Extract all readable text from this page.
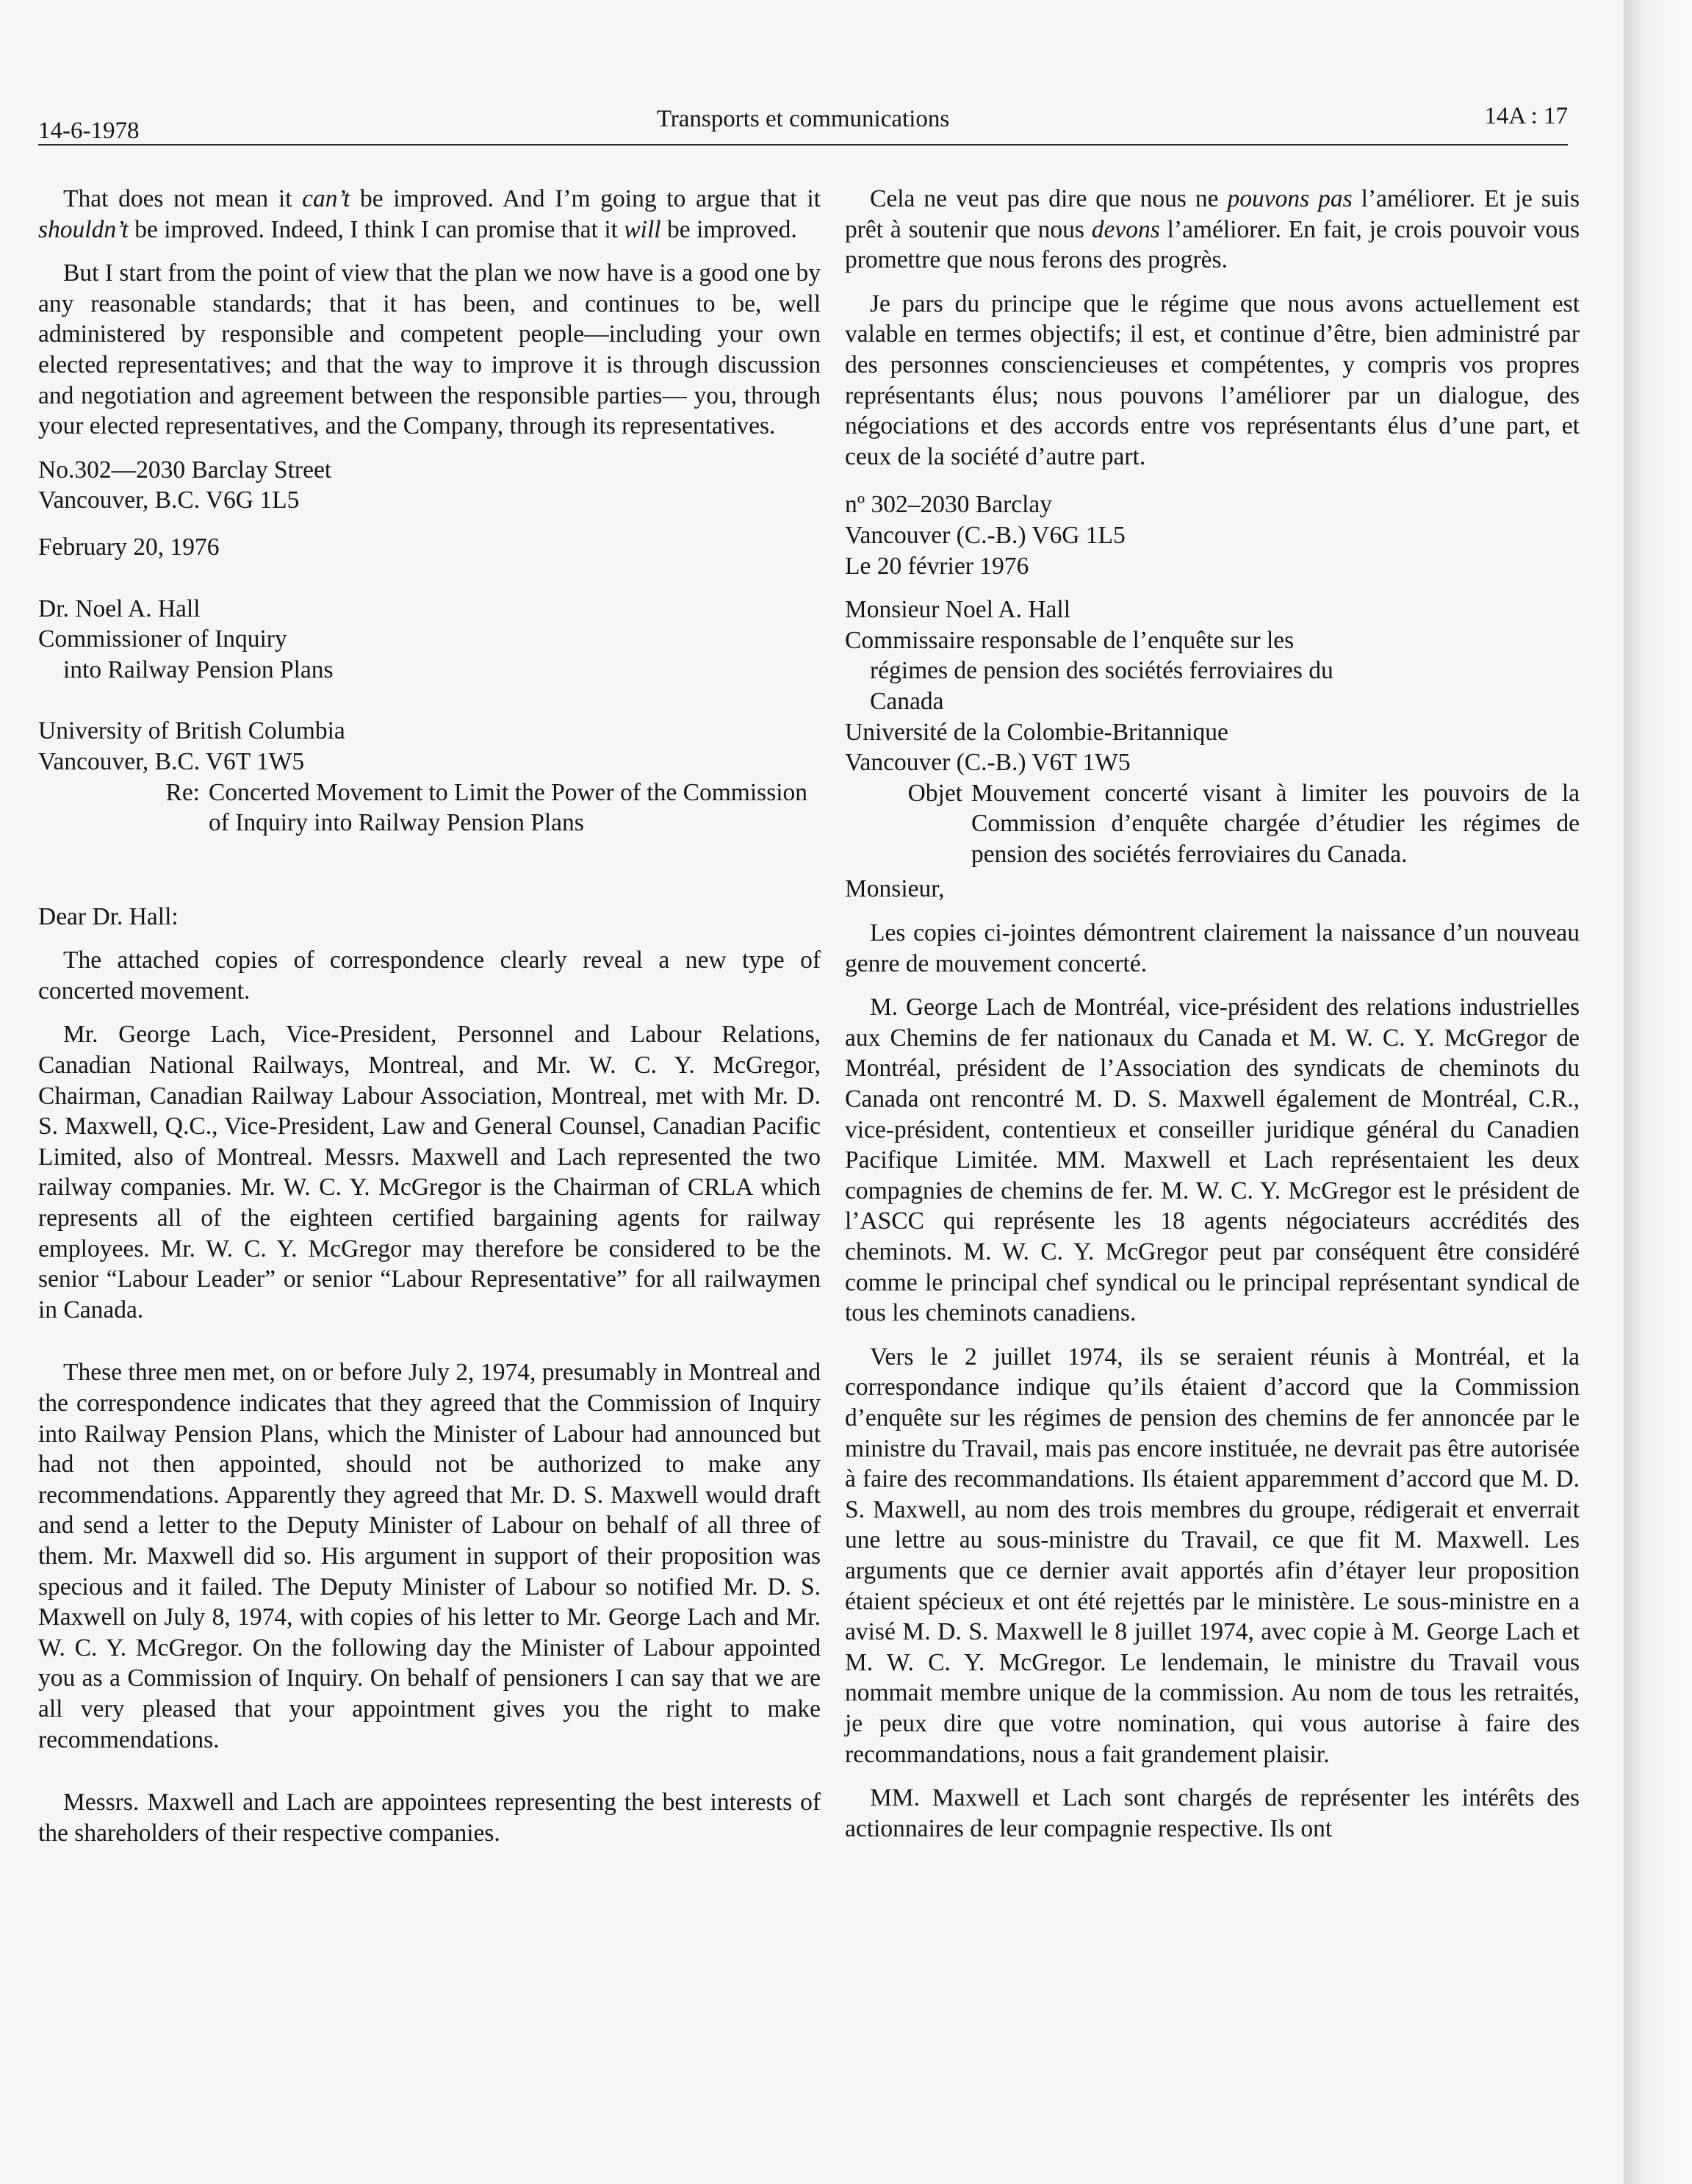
14-6-1978	Transports et communications	14A : 17

That does not mean it can’t be improved. And I’m going to argue that it shouldn’t be improved. Indeed, I think I can promise that it will be improved.

But I start from the point of view that the plan we now have is a good one by any reasonable standards; that it has been, and continues to be, well administered by responsible and competent people—including your own elected representatives; and that the way to improve it is through discussion and negotiation and agreement between the responsible parties— you, through your elected representatives, and the Company, through its representatives.

No.302—2030 Barclay Street

Vancouver, B.C. V6G 1L5

February 20, 1976

Dr. Noel A. Hall

Commissioner of Inquiry

into Railway Pension Plans

University of British Columbia

Vancouver, B.C. V6T 1W5

Re: Concerted Movement to Limit the Power of the Commission of Inquiry into Railway Pension Plans

Dear Dr. Hall:

The attached copies of correspondence clearly reveal a new type of concerted movement.

Mr. George Lach, Vice-President, Personnel and Labour Relations, Canadian National Railways, Montreal, and Mr. W. C. Y. McGregor, Chairman, Canadian Railway Labour Association, Montreal, met with Mr. D. S. Maxwell, Q.C., Vice-President, Law and General Counsel, Canadian Pacific Limited, also of Montreal. Messrs. Maxwell and Lach represented the two railway companies. Mr. W. C. Y. McGregor is the Chairman of CRLA which represents all of the eighteen certified bargaining agents for railway employees. Mr. W. C. Y. McGregor may therefore be considered to be the senior “Labour Leader” or senior “Labour Representative” for all railwaymen in Canada.

These three men met, on or before July 2, 1974, presumably in Montreal and the correspondence indicates that they agreed that the Commission of Inquiry into Railway Pension Plans, which the Minister of Labour had announced but had not then appointed, should not be authorized to make any recommendations. Apparently they agreed that Mr. D. S. Maxwell would draft and send a letter to the Deputy Minister of Labour on behalf of all three of them. Mr. Maxwell did so. His argument in support of their proposition was specious and it failed. The Deputy Minister of Labour so notified Mr. D. S. Maxwell on July 8, 1974, with copies of his letter to Mr. George Lach and Mr. W. C. Y. McGregor. On the following day the Minister of Labour appointed you as a Commission of Inquiry. On behalf of pensioners I can say that we are all very pleased that your appointment gives you the right to make recommendations.

Messrs. Maxwell and Lach are appointees representing the best interests of the shareholders of their respective companies.

Cela ne veut pas dire que nous ne pouvons pas l’améliorer. Et je suis prêt à soutenir que nous devons l’améliorer. En fait, je crois pouvoir vous promettre que nous ferons des progrès.

Je pars du principe que le régime que nous avons actuellement est valable en termes objectifs; il est, et continue d’être, bien administré par des personnes consciencieuses et compétentes, y compris vos propres représentants élus; nous pouvons l’améliorer par un dialogue, des négociations et des accords entre vos représentants élus d’une part, et ceux de la société d’autre part.

nº 302–2030 Barclay

Vancouver (C.-B.) V6G 1L5

Le 20 février 1976

Monsieur Noel A. Hall

Commissaire responsable de l’enquête sur les régimes de pension des sociétés ferroviaires du Canada

Université de la Colombie-Britannique

Vancouver (C.-B.) V6T 1W5

Objet Mouvement concerté visant à limiter les pouvoirs de la Commission d’enquête chargée d’étudier les régimes de pension des sociétés ferroviaires du Canada.

Monsieur,

Les copies ci-jointes démontrent clairement la naissance d’un nouveau genre de mouvement concerté.

M. George Lach de Montréal, vice-président des relations industrielles aux Chemins de fer nationaux du Canada et M. W. C. Y. McGregor de Montréal, président de l’Association des syndicats de cheminots du Canada ont rencontré M. D. S. Maxwell également de Montréal, C.R., vice-président, contentieux et conseiller juridique général du Canadien Pacifique Limitée. MM. Maxwell et Lach représentaient les deux compagnies de chemins de fer. M. W. C. Y. McGregor est le président de l’ASCC qui représente les 18 agents négociateurs accrédités des cheminots. M. W. C. Y. McGregor peut par conséquent être considéré comme le principal chef syndical ou le principal représentant syndical de tous les cheminots canadiens.

Vers le 2 juillet 1974, ils se seraient réunis à Montréal, et la correspondance indique qu’ils étaient d’accord que la Commission d’enquête sur les régimes de pension des chemins de fer annoncée par le ministre du Travail, mais pas encore instituée, ne devrait pas être autorisée à faire des recommandations. Ils étaient apparemment d’accord que M. D. S. Maxwell, au nom des trois membres du groupe, rédigerait et enverrait une lettre au sous-ministre du Travail, ce que fit M. Maxwell. Les arguments que ce dernier avait apportés afin d’étayer leur proposition étaient spécieux et ont été rejettés par le ministère. Le sous-ministre en a avisé M. D. S. Maxwell le 8 juillet 1974, avec copie à M. George Lach et M. W. C. Y. McGregor. Le lendemain, le ministre du Travail vous nommait membre unique de la commission. Au nom de tous les retraités, je peux dire que votre nomination, qui vous autorise à faire des recommandations, nous a fait grandement plaisir.

MM. Maxwell et Lach sont chargés de représenter les intérêts des actionnaires de leur compagnie respective. Ils ont
